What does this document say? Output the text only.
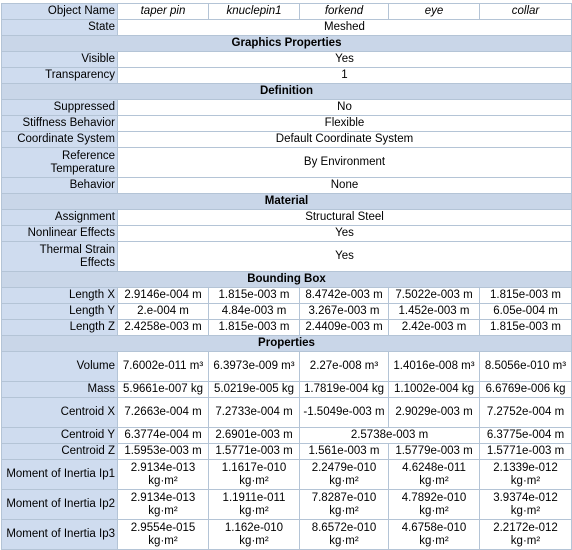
Object Name	taper pin	knuclepin1	forkend	eye	collar
State	Meshed				
Graphics Properties					
Visible	Yes				
Transparency	1				
Definition					
Suppressed	No				
Stiffness Behavior	Flexible				
Coordinate System	Default Coordinate System				
Reference Temperature	By Environment				
Behavior	None				
Material					
Assignment	Structural Steel				
Nonlinear Effects	Yes				
Thermal Strain Effects	Yes				
Bounding Box					
Length X	2.9146e-004 m	1.815e-003 m	8.4742e-003 m	7.5022e-003 m	1.815e-003 m
Length Y	2.e-004 m	4.84e-003 m	3.267e-003 m	1.452e-003 m	6.05e-004 m
Length Z	2.4258e-003 m	1.815e-003 m	2.4409e-003 m	2.42e-003 m	1.815e-003 m
Properties					
Volume	7.6002e-011 m³	6.3973e-009 m³	2.27e-008 m³	1.4016e-008 m³	8.5056e-010 m³
Mass	5.9661e-007 kg	5.0219e-005 kg	1.7819e-004 kg	1.1002e-004 kg	6.6769e-006 kg
Centroid X	7.2663e-004 m	7.2733e-004 m	-1.5049e-003 m	2.9029e-003 m	7.2752e-004 m
Centroid Y	6.3774e-004 m	2.6901e-003 m	2.5738e-003 m		6.3775e-004 m
Centroid Z	1.5953e-003 m	1.5771e-003 m	1.561e-003 m	1.5779e-003 m	1.5771e-003 m
Moment of Inertia Ip1	2.9134e-013 kg·m²	1.1617e-010 kg·m²	2.2479e-010 kg·m²	4.6248e-011 kg·m²	2.1339e-012 kg·m²
Moment of Inertia Ip2	2.9134e-013 kg·m²	1.1911e-011 kg·m²	7.8287e-010 kg·m²	4.7892e-010 kg·m²	3.9374e-012 kg·m²
Moment of Inertia Ip3	2.9554e-015 kg·m²	1.162e-010 kg·m²	8.6572e-010 kg·m²	4.6758e-010 kg·m²	2.2172e-012 kg·m²
